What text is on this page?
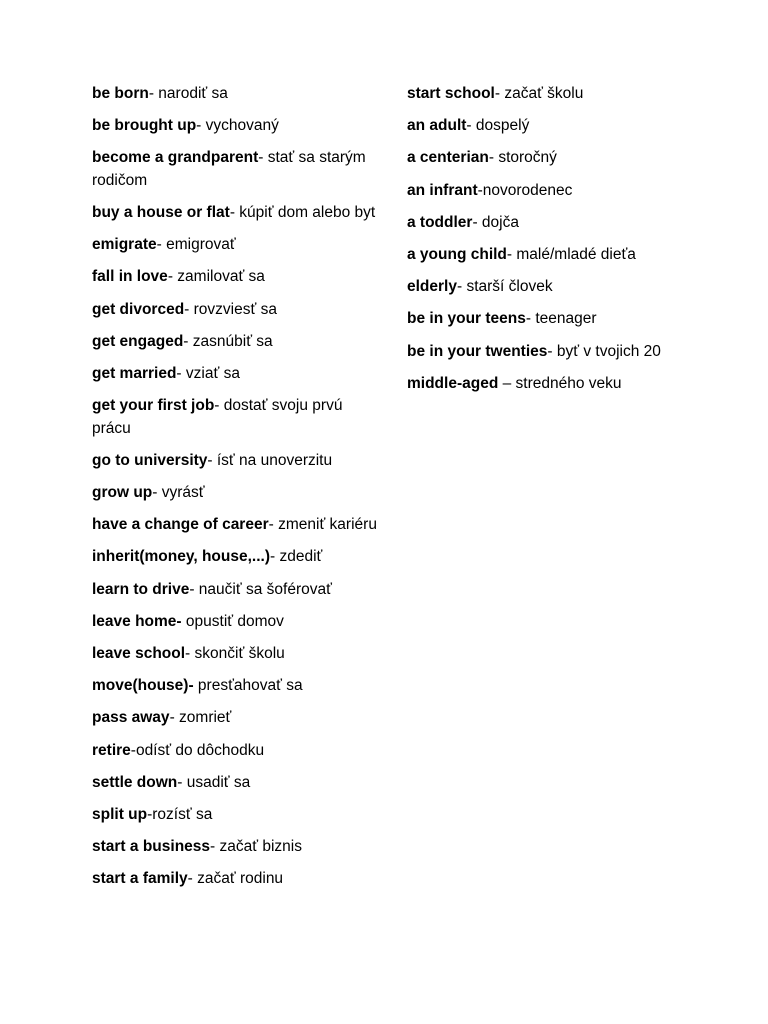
be born- narodiť sa

be brought up- vychovaný

become a grandparent- stať sa starým rodičom

buy a house or flat- kúpiť dom alebo byt

emigrate- emigrovať

fall in love- zamilovať sa

get divorced- rovzviesť sa

get engaged- zasnúbiť sa

get married- vziať sa

get your first job- dostať svoju prvú prácu

go to university- ísť na unoverzitu

grow up- vyrásť

have a change of career- zmeniť kariéru

inherit(money, house,...)- zdediť

learn to drive- naučiť sa šoférovať

leave home- opustiť domov

leave school- skončiť školu

move(house)- presťahovať sa

pass away- zomrieť

retire-odísť do dôchodku

settle down- usadiť sa

split up-rozísť sa

start a business- začať biznis

start a family- začať rodinu

start school- začať školu

an adult- dospelý

a centerian- storočný

an infrant-novorodenec

a toddler- dojča

a young child- malé/mladé dieťa

elderly- starší človek

be in your teens- teenager

be in your twenties- byť v tvojich 20

middle-aged – stredného veku
